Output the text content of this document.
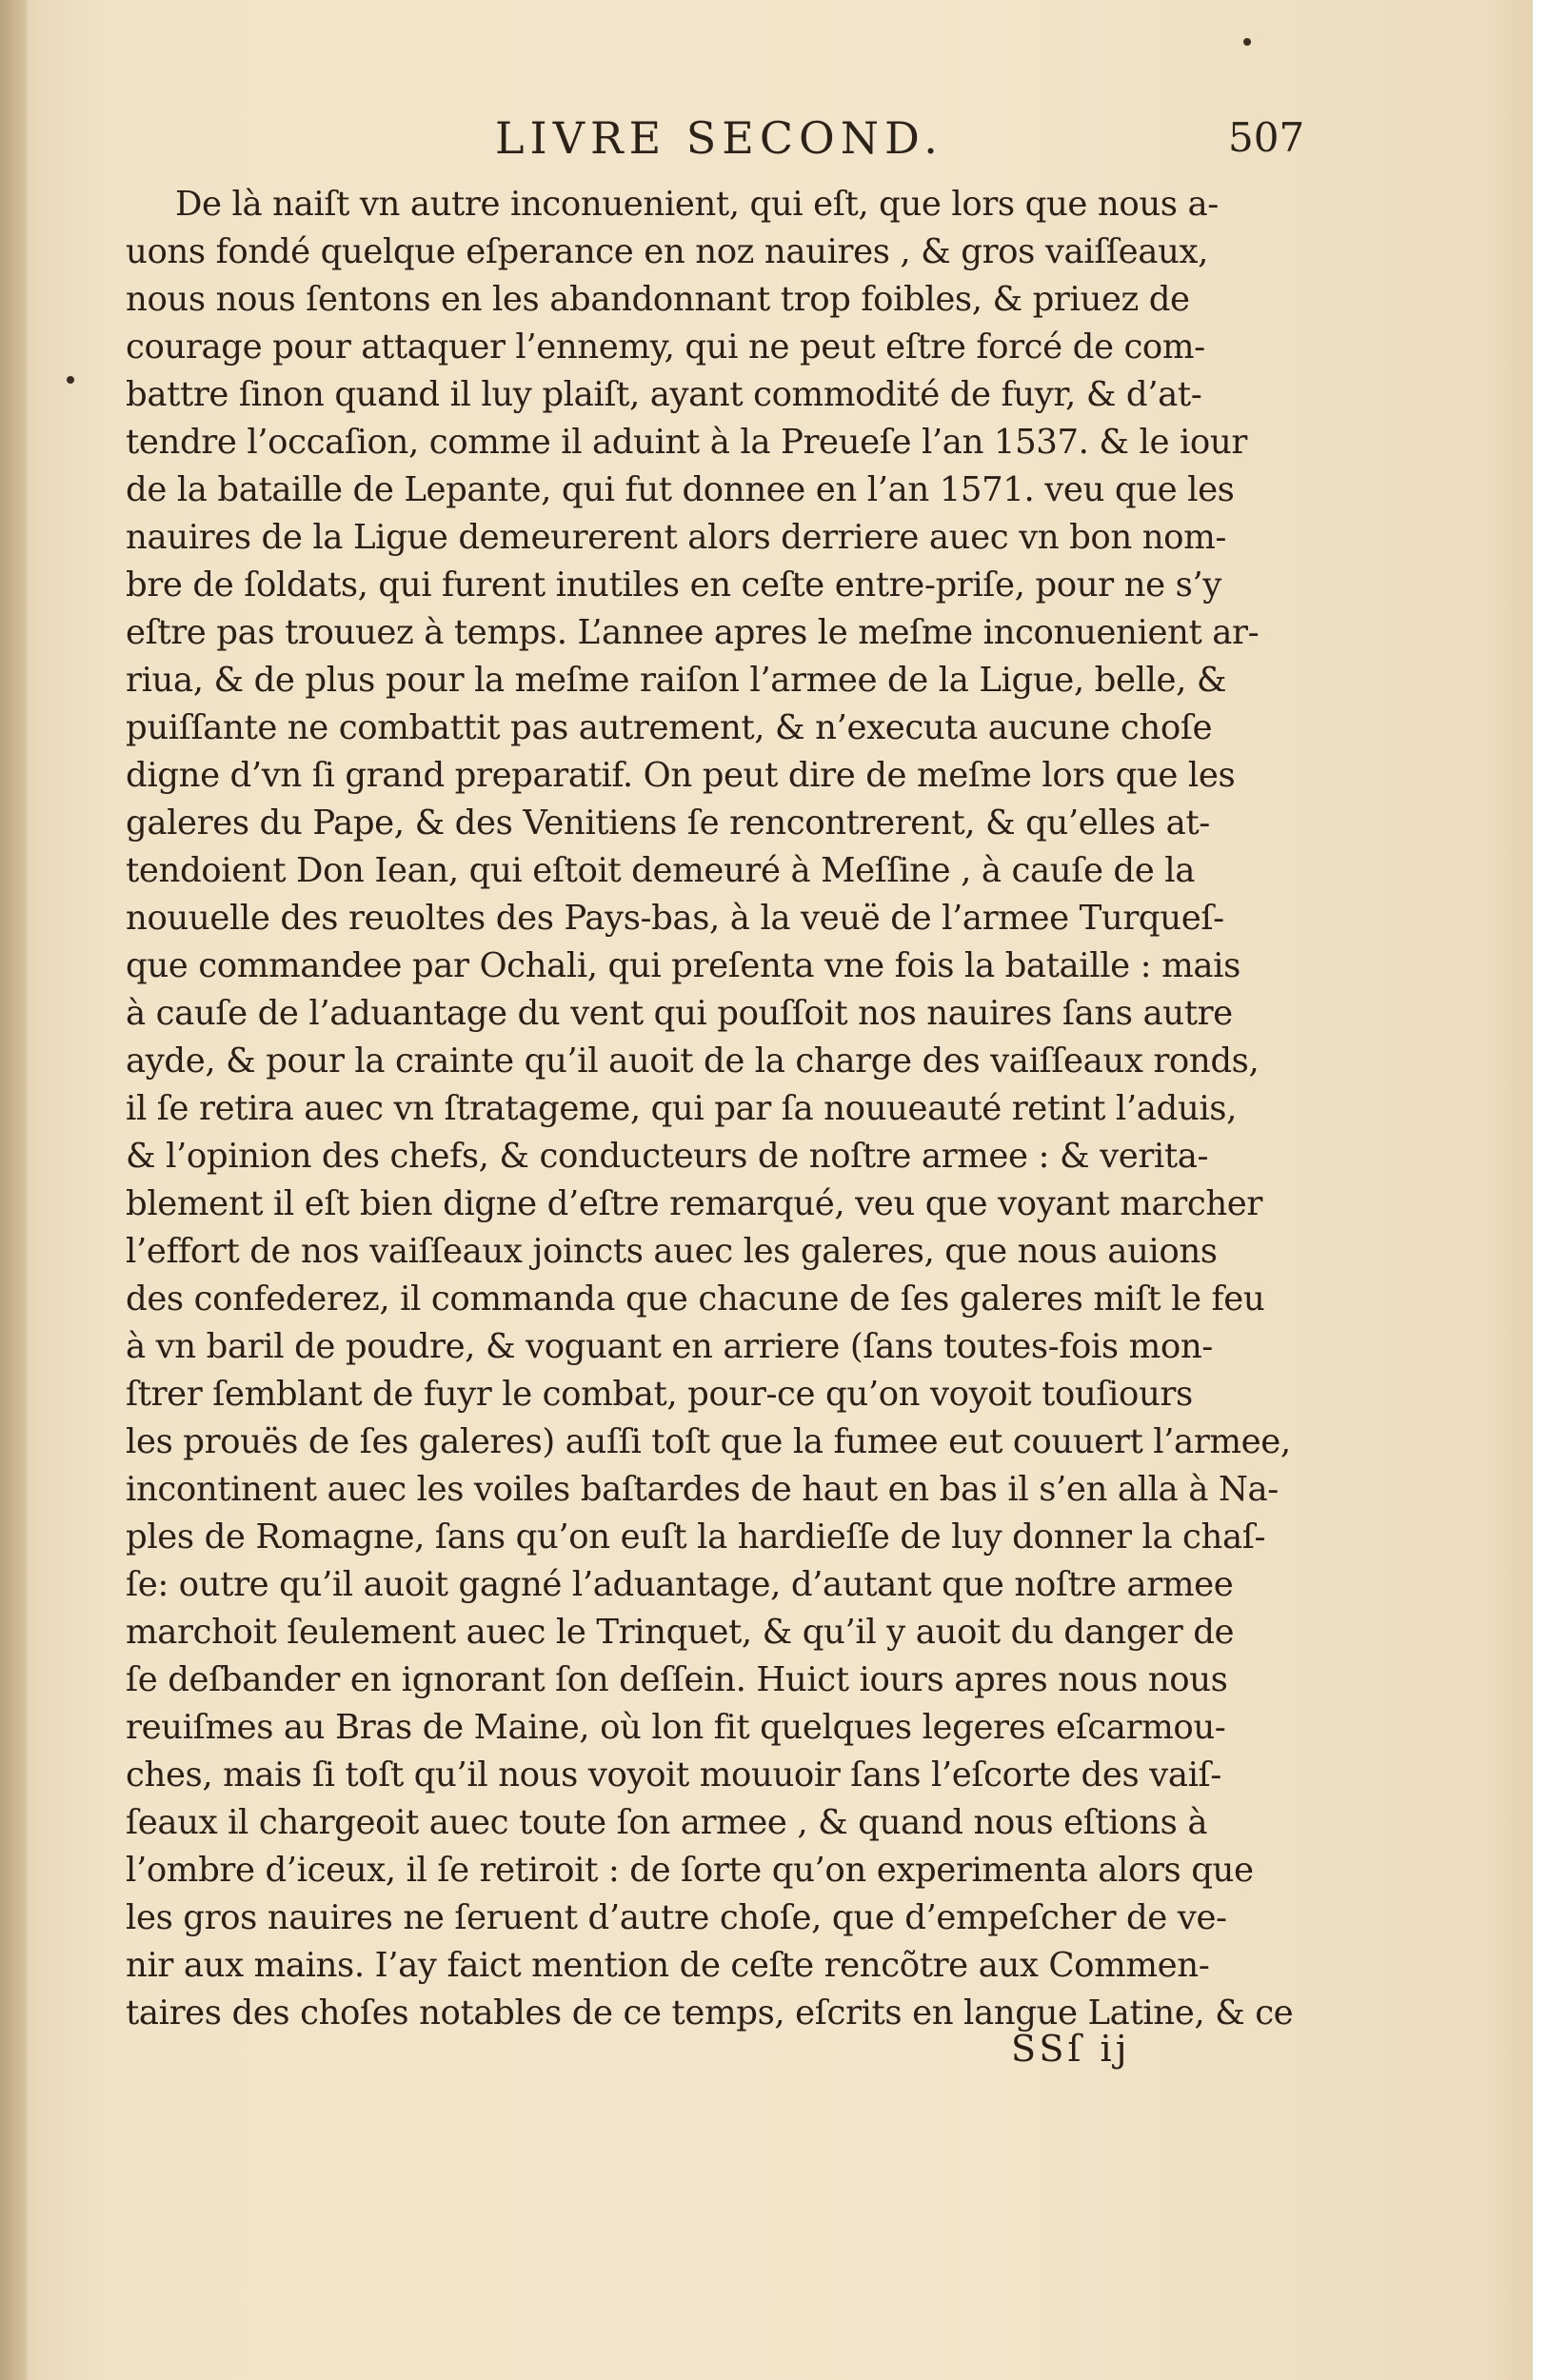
LIVRE SECOND.	507
De là naiſt vn autre inconuenient, qui eſt, que lors que nous a-
uons fondé quelque eſperance en noz nauires , & gros vaiſſeaux,
nous nous ſentons en les abandonnant trop foibles, & priuez de
courage pour attaquer l’ennemy, qui ne peut eſtre forcé de com-
battre ſinon quand il luy plaiſt, ayant commodité de fuyr, & d’at-
tendre l’occaſion, comme il aduint à la Preueſe l’an 1537. & le iour
de la bataille de Lepante, qui fut donnee en l’an 1571. veu que les
nauires de la Ligue demeurerent alors derriere auec vn bon nom-
bre de ſoldats, qui furent inutiles en ceſte entre-priſe, pour ne s’y
eſtre pas trouuez à temps. L’annee apres le meſme inconuenient ar-
riua, & de plus pour la meſme raiſon l’armee de la Ligue, belle, &
puiſſante ne combattit pas autrement, & n’executa aucune choſe
digne d’vn ſi grand preparatif. On peut dire de meſme lors que les
galeres du Pape, & des Venitiens ſe rencontrerent, & qu’elles at-
tendoient Don Iean, qui eſtoit demeuré à Meſſine , à cauſe de la
nouuelle des reuoltes des Pays-bas, à la veuë de l’armee Turqueſ-
que commandee par Ochali, qui preſenta vne fois la bataille : mais
à cauſe de l’aduantage du vent qui pouſſoit nos nauires ſans autre
ayde, & pour la crainte qu’il auoit de la charge des vaiſſeaux ronds,
il ſe retira auec vn ſtratageme, qui par ſa nouueauté retint l’aduis,
& l’opinion des chefs, & conducteurs de noſtre armee : & verita-
blement il eſt bien digne d’eſtre remarqué, veu que voyant marcher
l’effort de nos vaiſſeaux joincts auec les galeres, que nous auions
des confederez, il commanda que chacune de ſes galeres miſt le feu
à vn baril de poudre, & voguant en arriere (ſans toutes-fois mon-
ſtrer ſemblant de fuyr le combat, pour-ce qu’on voyoit touſiours
les prouës de ſes galeres) auſſi toſt que la fumee eut couuert l’armee,
incontinent auec les voiles baſtardes de haut en bas il s’en alla à Na-
ples de Romagne, ſans qu’on euſt la hardieſſe de luy donner la chaſ-
ſe: outre qu’il auoit gagné l’aduantage, d’autant que noſtre armee
marchoit ſeulement auec le Trinquet, & qu’il y auoit du danger de
ſe deſbander en ignorant ſon deſſein. Huict iours apres nous nous
reuiſmes au Bras de Maine, où lon fit quelques legeres eſcarmou-
ches, mais ſi toſt qu’il nous voyoit mouuoir ſans l’eſcorte des vaiſ-
ſeaux il chargeoit auec toute ſon armee , & quand nous eſtions à
l’ombre d’iceux, il ſe retiroit : de ſorte qu’on experimenta alors que
les gros nauires ne ſeruent d’autre choſe, que d’empeſcher de ve-
nir aux mains. I’ay faict mention de ceſte rencõtre aux Commen-
taires des choſes notables de ce temps, eſcrits en langue Latine, & ce
SSſ ij
